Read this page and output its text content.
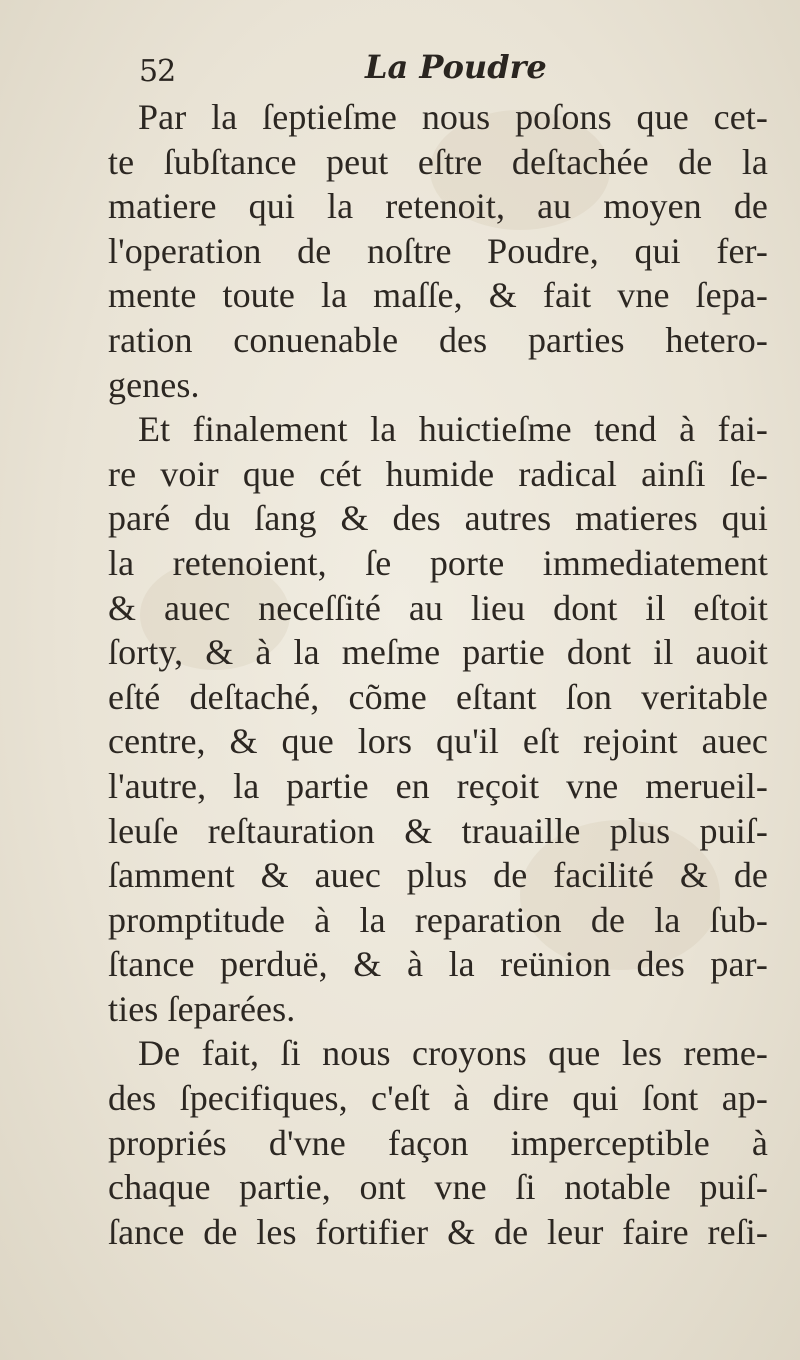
52	La Poudre
Par la ſeptieſme nous poſons que cet-
te ſubſtance peut eſtre deſtachée de la
matiere qui la retenoit, au moyen de
l'operation de noſtre Poudre, qui fer-
mente toute la maſſe, & fait vne ſepa-
ration conuenable des parties hetero-
genes.
Et finalement la huictieſme tend à fai-
re voir que cét humide radical ainſi ſe-
paré du ſang & des autres matieres qui
la retenoient, ſe porte immediatement
& auec neceſſité au lieu dont il eſtoit
ſorty, & à la meſme partie dont il auoit
eſté deſtaché, cõme eſtant ſon veritable
centre, & que lors qu'il eſt rejoint auec
l'autre, la partie en reçoit vne merueil-
leuſe reſtauration & trauaille plus puiſ-
ſamment & auec plus de facilité & de
promptitude à la reparation de la ſub-
ſtance perduë, & à la reünion des par-
ties ſeparées.
De fait, ſi nous croyons que les reme-
des ſpecifiques, c'eſt à dire qui ſont ap-
propriés d'vne façon imperceptible à
chaque partie, ont vne ſi notable puiſ-
ſance de les fortifier & de leur faire reſi-
